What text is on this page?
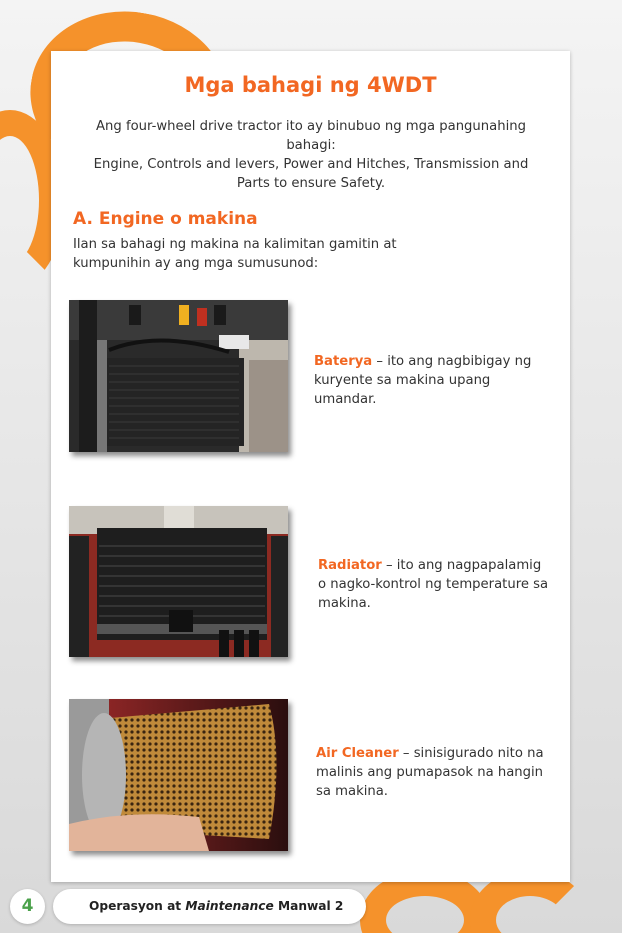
Mga bahagi ng 4WDT

Ang four-wheel drive tractor ito ay binubuo ng mga pangunahing bahagi:

Engine, Controls and levers, Power and Hitches, Transmission and Parts to ensure Safety.

A. Engine o makina

Ilan sa bahagi ng makina na kalimitan gamitin at kumpunihin ay ang mga sumusunod:

Baterya – ito ang nagbibigay ng kuryente sa makina upang umandar.

Radiator – ito ang nagpapalamig o nagko-kontrol ng temperature sa makina.

Air Cleaner – sinisigurado nito na malinis ang pumapasok na hangin sa makina.

4	Operasyon at Maintenance Manwal 2
